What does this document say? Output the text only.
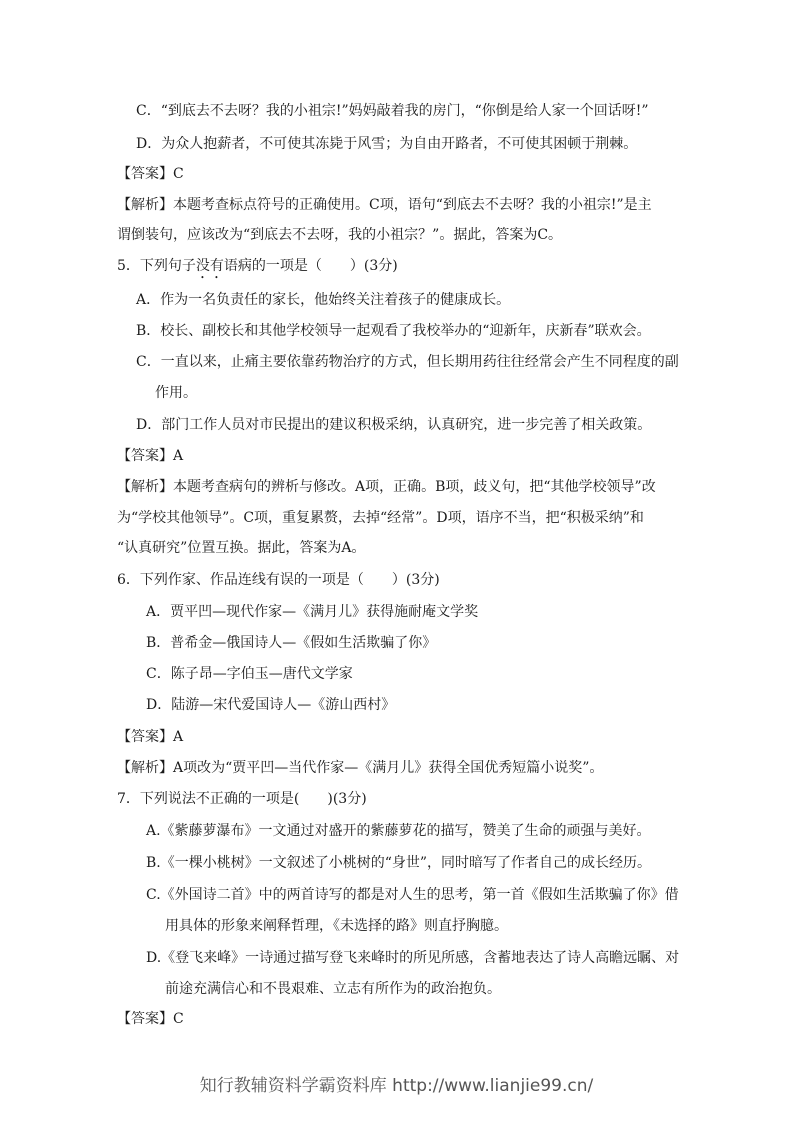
C．“到底去不去呀？我的小祖宗!”妈妈敲着我的房门，“你倒是给人家一个回话呀!”
D．为众人抱薪者，不可使其冻毙于风雪；为自由开路者，不可使其困顿于荆棘。
【答案】C
【解析】本题考查标点符号的正确使用。C项，语句“到底去不去呀？我的小祖宗!”是主
谓倒装句，应该改为“到底去不去呀，我的小祖宗？”。据此，答案为C。
5．下列句子没有语病的一项是（　　）(3分)
A．作为一名负责任的家长，他始终关注着孩子的健康成长。
B．校长、副校长和其他学校领导一起观看了我校举办的“迎新年，庆新春”联欢会。
C．一直以来，止痛主要依靠药物治疗的方式，但长期用药往往经常会产生不同程度的副
作用。
D．部门工作人员对市民提出的建议积极采纳，认真研究，进一步完善了相关政策。
【答案】A
【解析】本题考查病句的辨析与修改。A项，正确。B项，歧义句，把“其他学校领导”改
为“学校其他领导”。C项，重复累赘，去掉“经常”。D项，语序不当，把“积极采纳”和
“认真研究”位置互换。据此，答案为A。
6．下列作家、作品连线有误的一项是（　　）(3分)
A．贾平凹—现代作家—《满月儿》获得施耐庵文学奖
B．普希金—俄国诗人—《假如生活欺骗了你》
C．陈子昂—字伯玉—唐代文学家
D．陆游—宋代爱国诗人—《游山西村》
【答案】A
【解析】A项改为“贾平凹—当代作家—《满月儿》获得全国优秀短篇小说奖”。
7．下列说法不正确的一项是(　　)(3分)
A.《紫藤萝瀑布》一文通过对盛开的紫藤萝花的描写，赞美了生命的顽强与美好。
B.《一棵小桃树》一文叙述了小桃树的“身世”，同时暗写了作者自己的成长经历。
C.《外国诗二首》中的两首诗写的都是对人生的思考，第一首《假如生活欺骗了你》借
用具体的形象来阐释哲理，《未选择的路》则直抒胸臆。
D.《登飞来峰》一诗通过描写登飞来峰时的所见所感，含蓄地表达了诗人高瞻远瞩、对
前途充满信心和不畏艰难、立志有所作为的政治抱负。
【答案】C
知行教辅资料学霸资料库 http://www.lianjie99.cn/
